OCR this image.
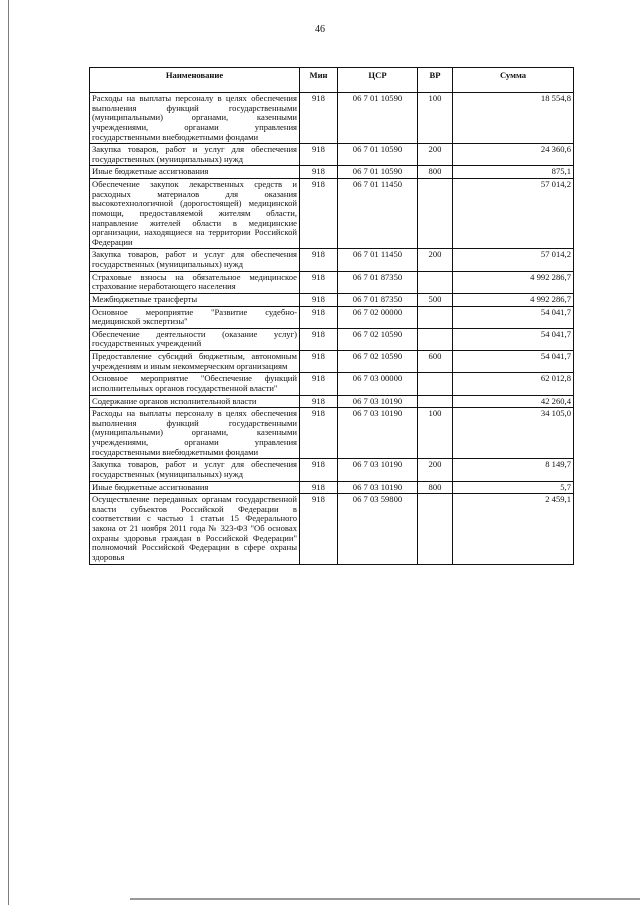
46
Наименование	Мин	ЦСР	ВР	Сумма
Расходы на выплаты персоналу в целях обеспечения выполнения функций государственными (муниципальными) органами, казенными учреждениями, органами управления государственными внебюджетными фондами	918	06 7 01 10590	100	18 554,8
Закупка товаров, работ и услуг для обеспечения государственных (муниципальных) нужд	918	06 7 01 10590	200	24 360,6
Иные бюджетные ассигнования	918	06 7 01 10590	800	875,1
Обеспечение закупок лекарственных средств и расходных материалов для оказания высокотехнологичной (дорогостоящей) медицинской помощи, предоставляемой жителям области, направление жителей области в медицинские организации, находящиеся на территории Российской Федерации	918	06 7 01 11450		57 014,2
Закупка товаров, работ и услуг для обеспечения государственных (муниципальных) нужд	918	06 7 01 11450	200	57 014,2
Страховые взносы на обязательное медицинское страхование неработающего населения	918	06 7 01 87350		4 992 286,7
Межбюджетные трансферты	918	06 7 01 87350	500	4 992 286,7
Основное мероприятие "Развитие судебно-медицинской экспертизы"	918	06 7 02 00000		54 041,7
Обеспечение деятельности (оказание услуг) государственных учреждений	918	06 7 02 10590		54 041,7
Предоставление субсидий бюджетным, автономным учреждениям и иным некоммерческим организациям	918	06 7 02 10590	600	54 041,7
Основное мероприятие "Обеспечение функций исполнительных органов государственной власти"	918	06 7 03 00000		62 012,8
Содержание органов исполнительной власти	918	06 7 03 10190		42 260,4
Расходы на выплаты персоналу в целях обеспечения выполнения функций государственными (муниципальными) органами, казенными учреждениями, органами управления государственными внебюджетными фондами	918	06 7 03 10190	100	34 105,0
Закупка товаров, работ и услуг для обеспечения государственных (муниципальных) нужд	918	06 7 03 10190	200	8 149,7
Иные бюджетные ассигнования	918	06 7 03 10190	800	5,7
Осуществление переданных органам государственной власти субъектов Российской Федерации в соответствии с частью 1 статьи 15 Федерального закона от 21 ноября 2011 года № 323-ФЗ "Об основах охраны здоровья граждан в Российской Федерации" полномочий Российской Федерации в сфере охраны здоровья	918	06 7 03 59800		2 459,1
